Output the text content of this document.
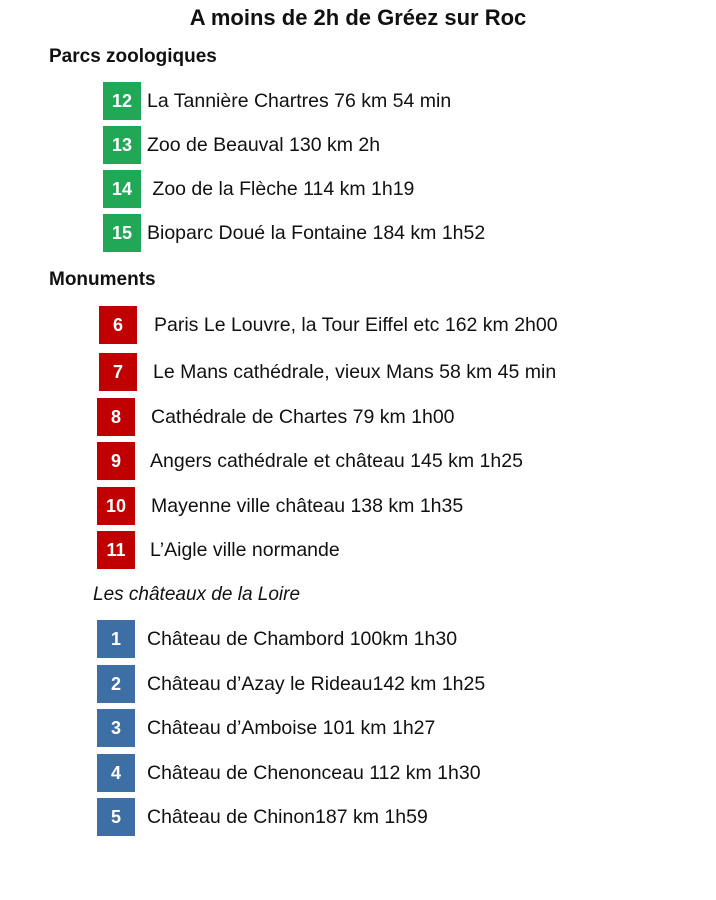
A moins de 2h de Gréez sur Roc
Parcs zoologiques
12 La Tannière Chartres 76 km 54 min
13 Zoo de Beauval 130 km 2h
14 Zoo de la Flèche 114 km 1h19
15 Bioparc Doué la Fontaine 184 km 1h52
Monuments
6	Paris Le Louvre, la Tour Eiffel etc 162 km 2h00
7	Le Mans cathédrale, vieux Mans 58 km 45 min
8	Cathédrale de Chartes 79 km 1h00
9	Angers cathédrale et château 145 km 1h25
10	Mayenne ville château 138 km 1h35
11	L’Aigle ville normande
Les châteaux de la Loire
1	Château de Chambord 100km 1h30
2	Château d’Azay le Rideau142 km 1h25
3	Château d’Amboise 101 km 1h27
4	Château de Chenonceau 112 km 1h30
5	Château de Chinon187 km 1h59
